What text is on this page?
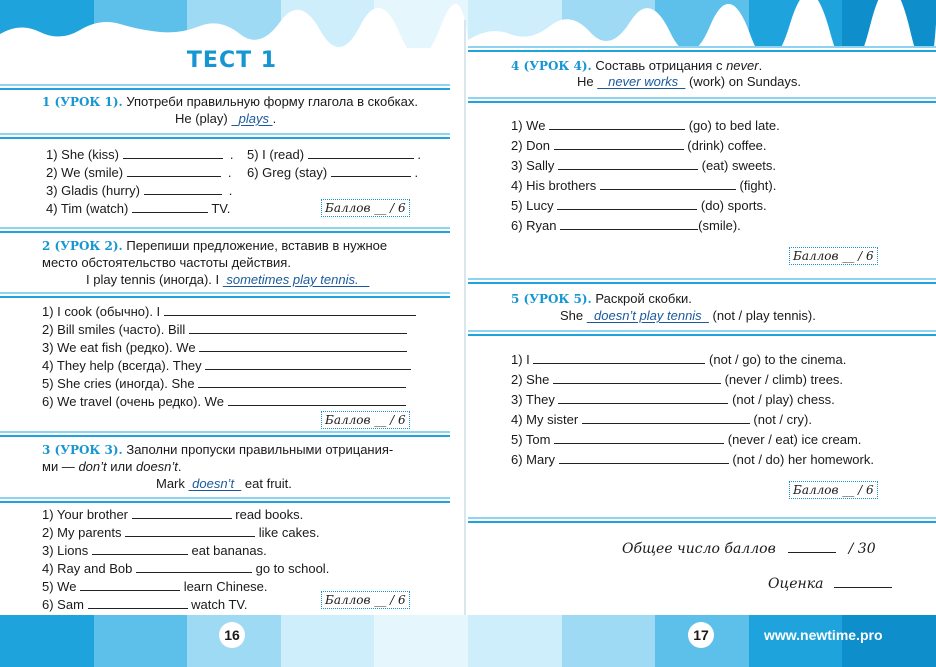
ТЕСТ 1
1 (УРОК 1). Употреби правильную форму глагола в скобках.
He (play) plays .
1) She (kiss)	. 5) I (read)	.
2) We (smile)	. 6) Greg (stay)	.
3) Gladis (hurry)	.
4) Tim (watch)	TV.	Баллов __ / 6
2 (УРОК 2). Перепиши предложение, вставив в нужное
место обстоятельство частоты действия.
I play tennis (иногда). I sometimes play tennis.
1) I cook (обычно). I
2) Bill smiles (часто). Bill
3) We eat fish (редко). We
4) They help (всегда). They
5) She cries (иногда). She
6) We travel (очень редко). We
Баллов __ / 6
3 (УРОК 3). Заполни пропуски правильными отрицания-
ми — don’t или doesn’t.
Mark doesn’t eat fruit.
1) Your brother	read books.
2) My parents	like cakes.
3) Lions	eat bananas.
4) Ray and Bob	go to school.
5) We	learn Chinese.
6) Sam	watch TV.	Баллов __ / 6
4 (УРОК 4). Составь отрицания с never.
He never works (work) on Sundays.
1) We	(go) to bed late.
2) Don	(drink) coffee.
3) Sally	(eat) sweets.
4) His brothers	(fight).
5) Lucy	(do) sports.
6) Ryan	(smile).
Баллов __ / 6
5 (УРОК 5). Раскрой скобки.
She doesn’t play tennis (not / play tennis).
1) I	(not / go) to the cinema.
2) She	(never / climb) trees.
3) They	(not / play) chess.
4) My sister	(not / cry).
5) Tom	(never / eat) ice cream.
6) Mary	(not / do) her homework.
Баллов __ / 6
Общее число баллов	/ 30
Оценка
16	17	www.newtime.pro
